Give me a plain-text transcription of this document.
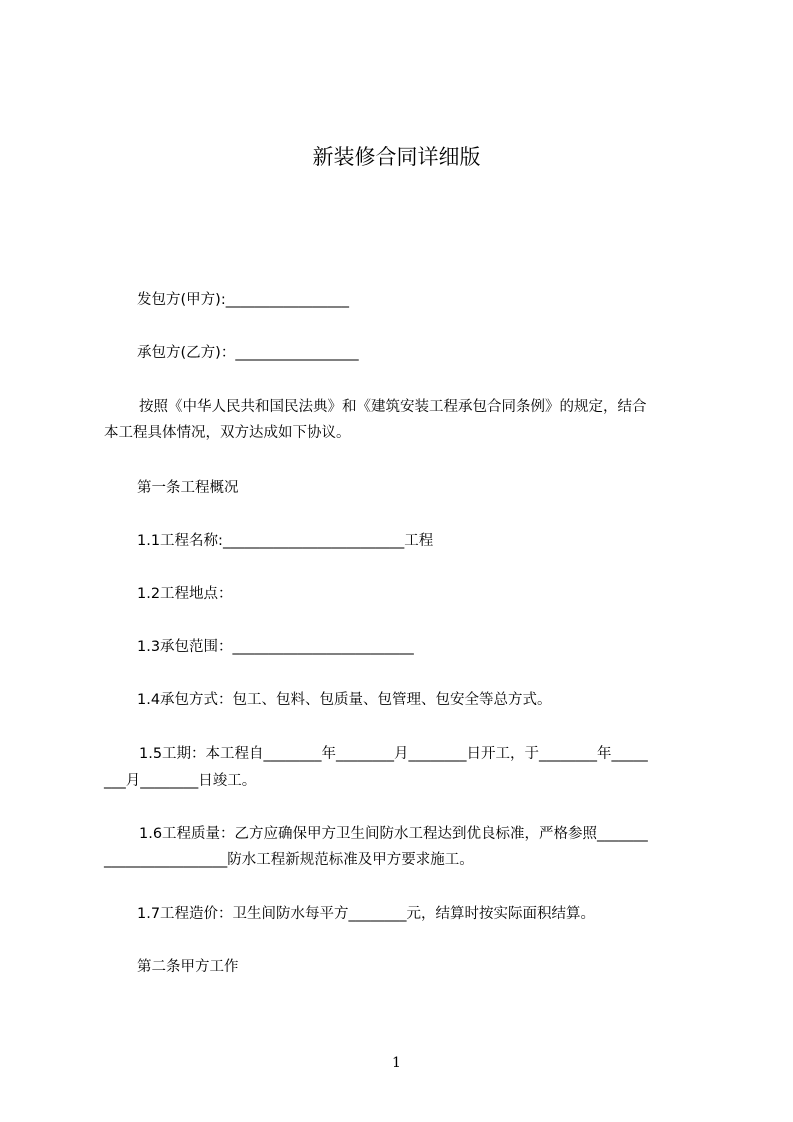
新装修合同详细版
发包方(甲方):_________________
承包方(乙方)：_________________
按照《中华人民共和国民法典》和《建筑安装工程承包合同条例》的规定，结合
本工程具体情况，双方达成如下协议。
第一条工程概况
1.1工程名称:_________________________工程
1.2工程地点：
1.3承包范围：_________________________
1.4承包方式：包工、包料、包质量、包管理、包安全等总方式。
1.5工期：本工程自________年________月________日开工，于________年_____
___月________日竣工。
1.6工程质量：乙方应确保甲方卫生间防水工程达到优良标准，严格参照_______
_________________防水工程新规范标准及甲方要求施工。
1.7工程造价：卫生间防水每平方________元，结算时按实际面积结算。
第二条甲方工作
1
